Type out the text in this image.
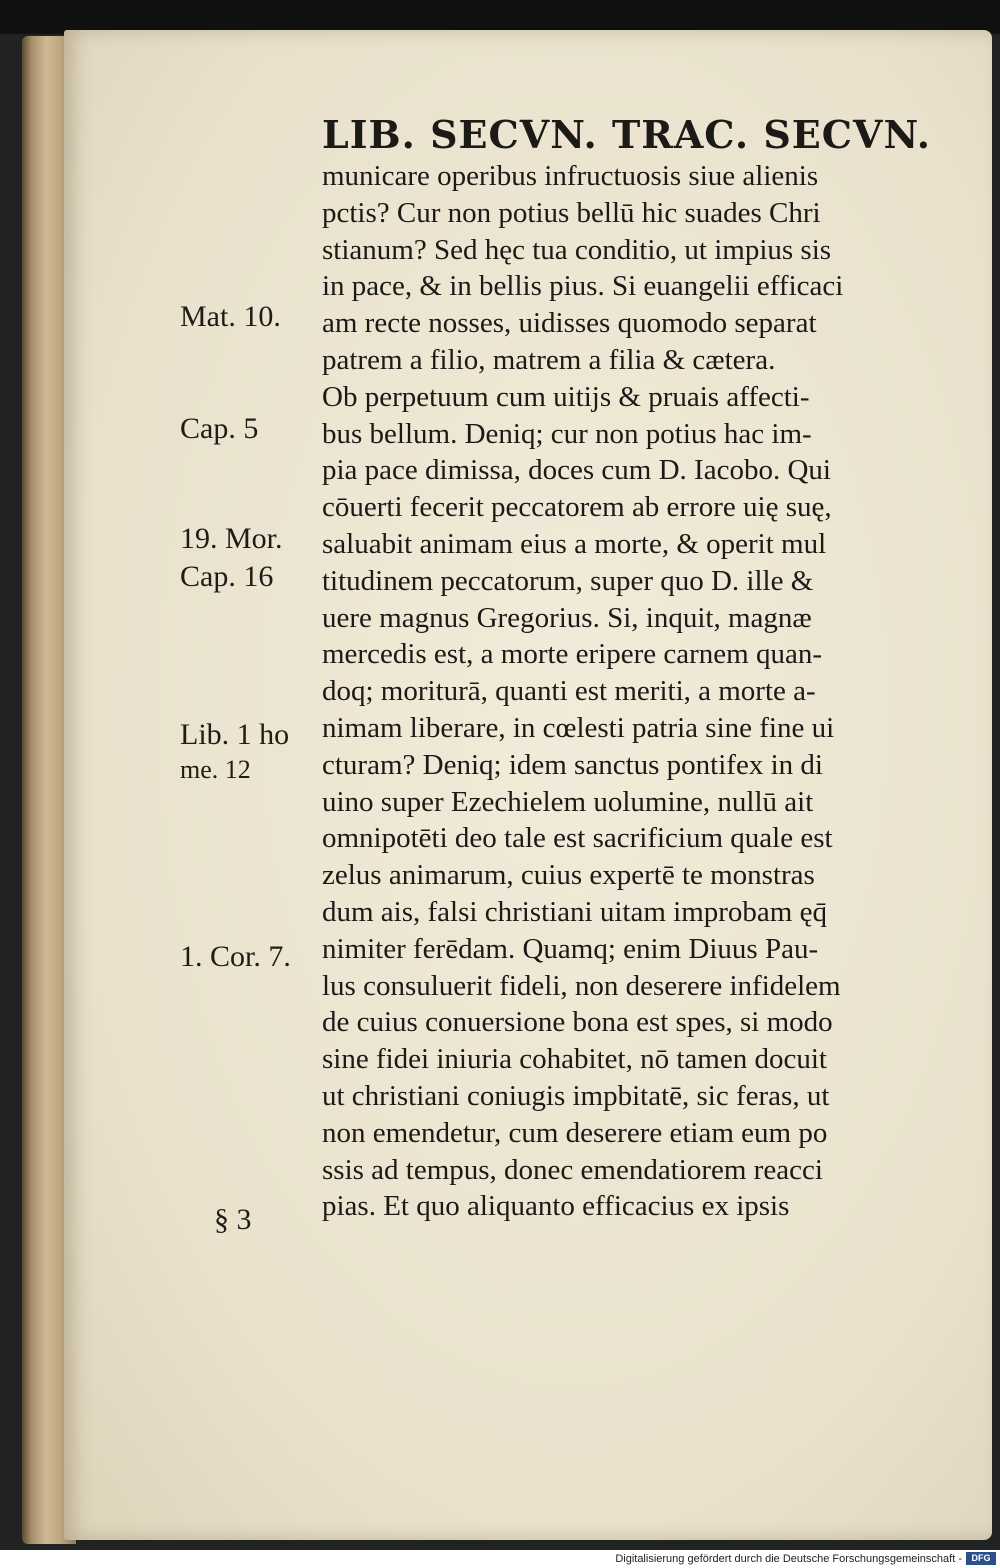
LIB. SECVN. TRAC. SECVN.
municare operibus infructuosis siue alienis
pctis? Cur non potius bellū hic suades Chri
stianum? Sed hęc tua conditio, ut impius sis
in pace, & in bellis pius. Si euangelii efficaci
am recte nosses, uidisses quomodo separat
patrem a filio, matrem a filia & cætera.
Ob perpetuum cum uitijs & pruais affecti-
bus bellum. Deniq; cur non potius hac im-
pia pace dimissa, doces cum D. Iacobo. Qui
cōuerti fecerit peccatorem ab errore uię suę,
saluabit animam eius a morte, & operit mul
titudinem peccatorum, super quo D. ille &
uere magnus Gregorius. Si, inquit, magnæ
mercedis est, a morte eripere carnem quan-
doq; moriturā, quanti est meriti, a morte a-
nimam liberare, in cœlesti patria sine fine ui
cturam? Deniq; idem sanctus pontifex in di
uino super Ezechielem uolumine, nullū ait
omnipotēti deo tale est sacrificium quale est
zelus animarum, cuius expertē te monstras
dum ais, falsi christiani uitam improbam ęq̄
nimiter ferēdam. Quamq; enim Diuus Pau-
lus consuluerit fideli, non deserere infidelem
de cuius conuersione bona est spes, si modo
sine fidei iniuria cohabitet, nō tamen docuit
ut christiani coniugis impbitatē, sic feras, ut
non emendetur, cum deserere etiam eum po
ssis ad tempus, donec emendatiorem reacci
pias. Et quo aliquanto efficacius ex ipsis
Mat. 10.
Cap. 5
19. Mor.
Cap. 16
Lib. 1 ho
me. 12
1. Cor. 7.
§ 3
Digitalisierung gefördert durch die Deutsche Forschungsgemeinschaft -	DFG
